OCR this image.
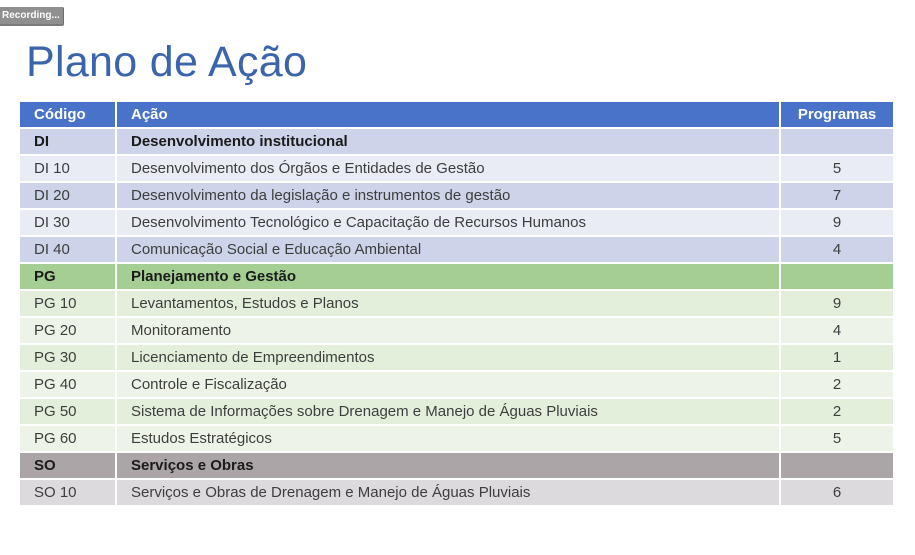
Recording...
Plano de Ação
Código	Ação	Programas
DI	Desenvolvimento institucional	
DI 10	Desenvolvimento dos Órgãos e Entidades de Gestão	5
DI 20	Desenvolvimento da legislação e instrumentos de gestão	7
DI 30	Desenvolvimento Tecnológico e Capacitação de Recursos Humanos	9
DI 40	Comunicação Social e Educação Ambiental	4
PG	Planejamento e Gestão	
PG 10	Levantamentos, Estudos e Planos	9
PG 20	Monitoramento	4
PG 30	Licenciamento de Empreendimentos	1
PG 40	Controle e Fiscalização	2
PG 50	Sistema de Informações sobre Drenagem e Manejo de Águas Pluviais	2
PG 60	Estudos Estratégicos	5
SO	Serviços e Obras	
SO 10	Serviços e Obras de Drenagem e Manejo de Águas Pluviais	6
